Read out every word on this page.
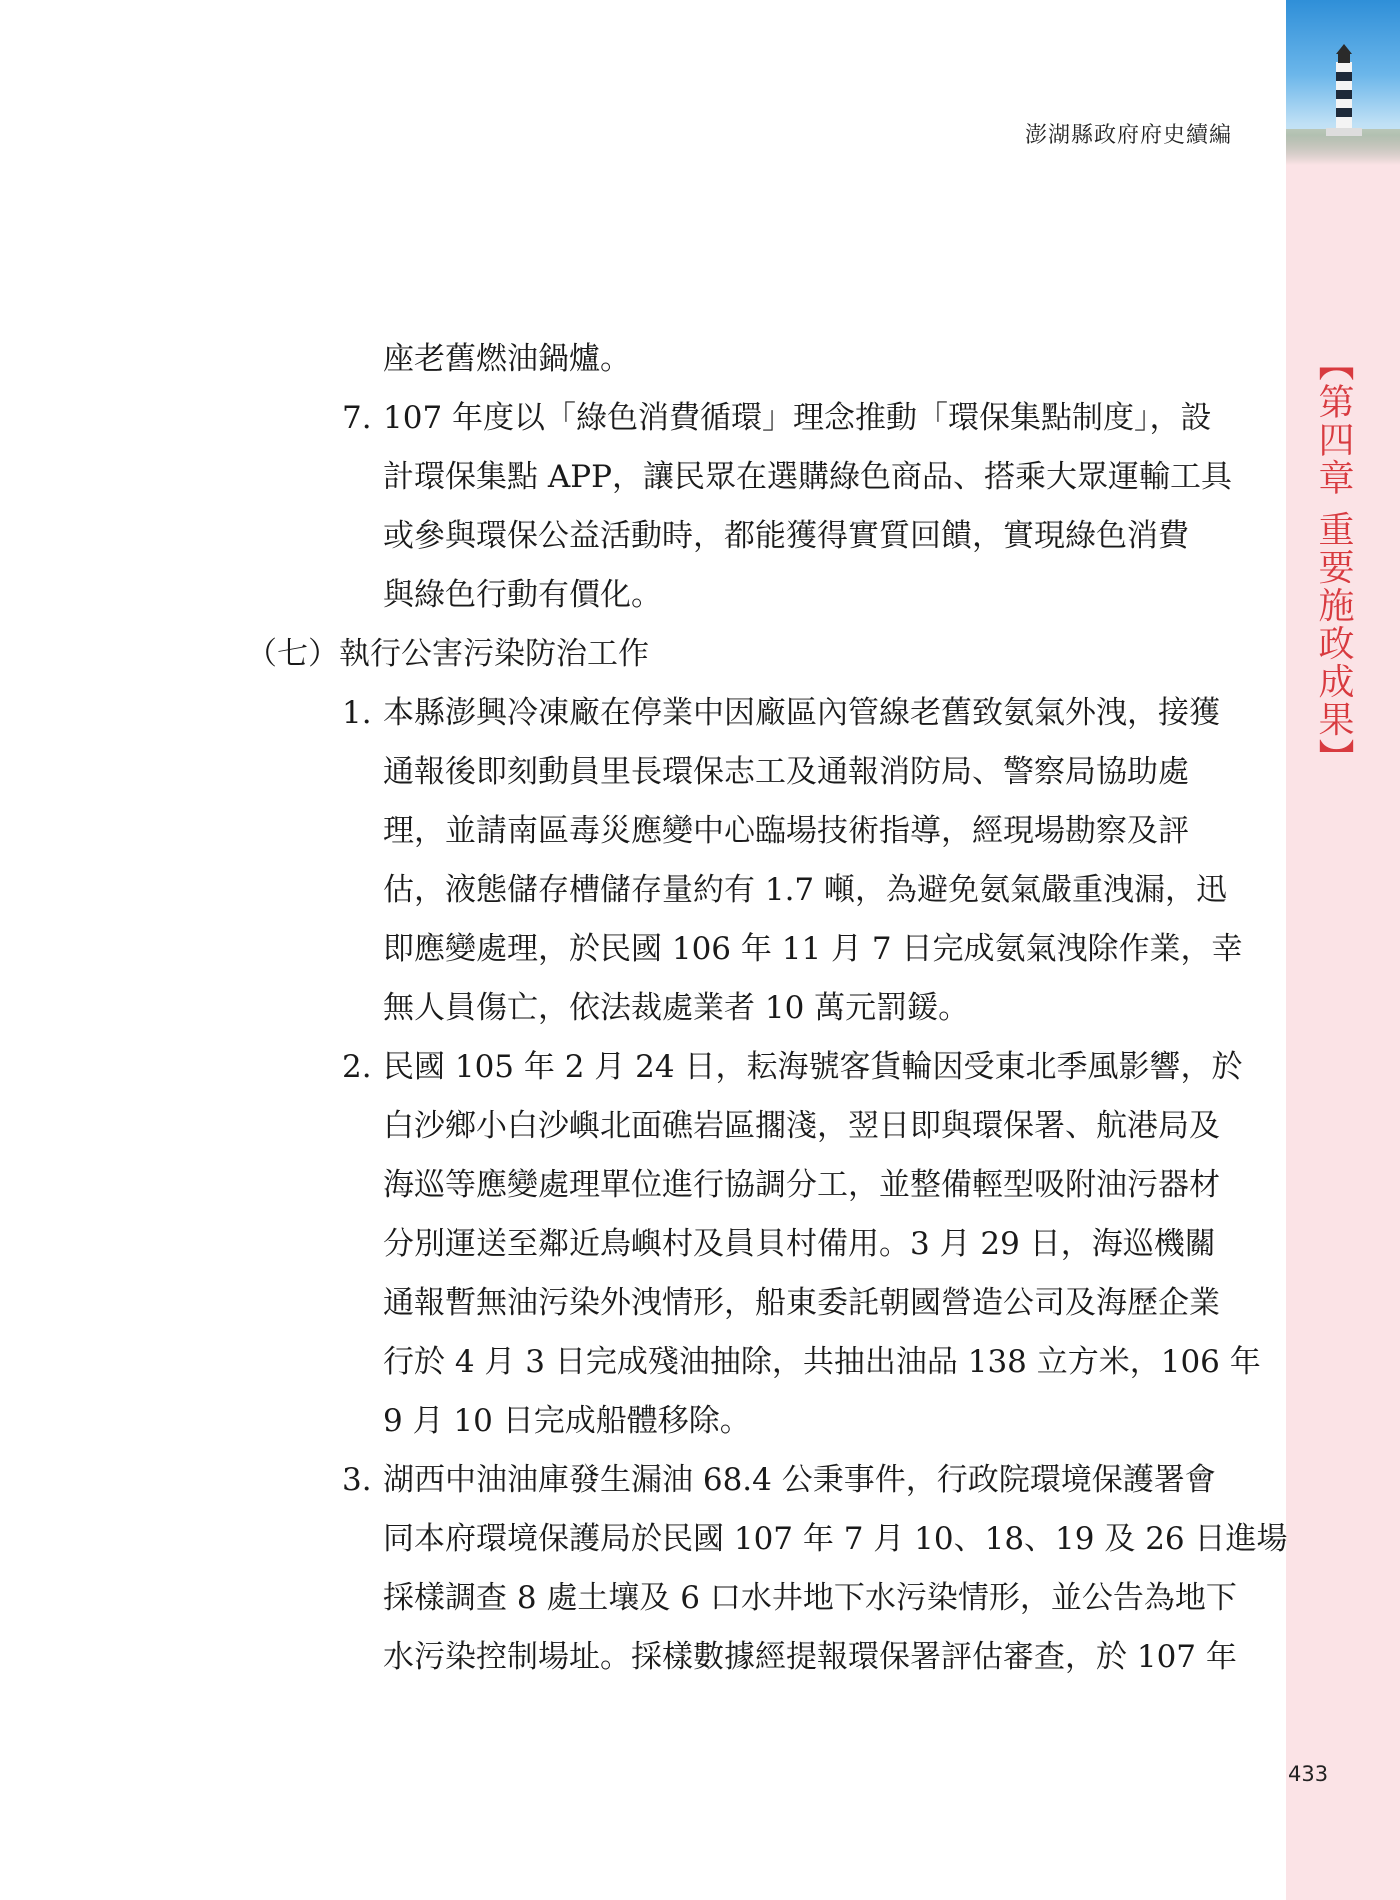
澎湖縣政府府史續編
【第四章 重要施政成果】
座老舊燃油鍋爐。
7. 107 年度以「綠色消費循環」理念推動「環保集點制度」，設
計環保集點 APP，讓民眾在選購綠色商品、搭乘大眾運輸工具
或參與環保公益活動時，都能獲得實質回饋，實現綠色消費
與綠色行動有價化。
（七）執行公害污染防治工作
1. 本縣澎興冷凍廠在停業中因廠區內管線老舊致氨氣外洩，接獲
通報後即刻動員里長環保志工及通報消防局、警察局協助處
理，並請南區毒災應變中心臨場技術指導，經現場勘察及評
估，液態儲存槽儲存量約有 1.7 噸，為避免氨氣嚴重洩漏，迅
即應變處理，於民國 106 年 11 月 7 日完成氨氣洩除作業，幸
無人員傷亡，依法裁處業者 10 萬元罰鍰。
2. 民國 105 年 2 月 24 日，耘海號客貨輪因受東北季風影響，於
白沙鄉小白沙嶼北面礁岩區擱淺，翌日即與環保署、航港局及
海巡等應變處理單位進行協調分工，並整備輕型吸附油污器材
分別運送至鄰近鳥嶼村及員貝村備用。3 月 29 日，海巡機關
通報暫無油污染外洩情形，船東委託朝國營造公司及海歷企業
行於 4 月 3 日完成殘油抽除，共抽出油品 138 立方米，106 年
9 月 10 日完成船體移除。
3. 湖西中油油庫發生漏油 68.4 公秉事件，行政院環境保護署會
同本府環境保護局於民國 107 年 7 月 10、18、19 及 26 日進場
採樣調查 8 處土壤及 6 口水井地下水污染情形，並公告為地下
水污染控制場址。採樣數據經提報環保署評估審查，於 107 年
433
